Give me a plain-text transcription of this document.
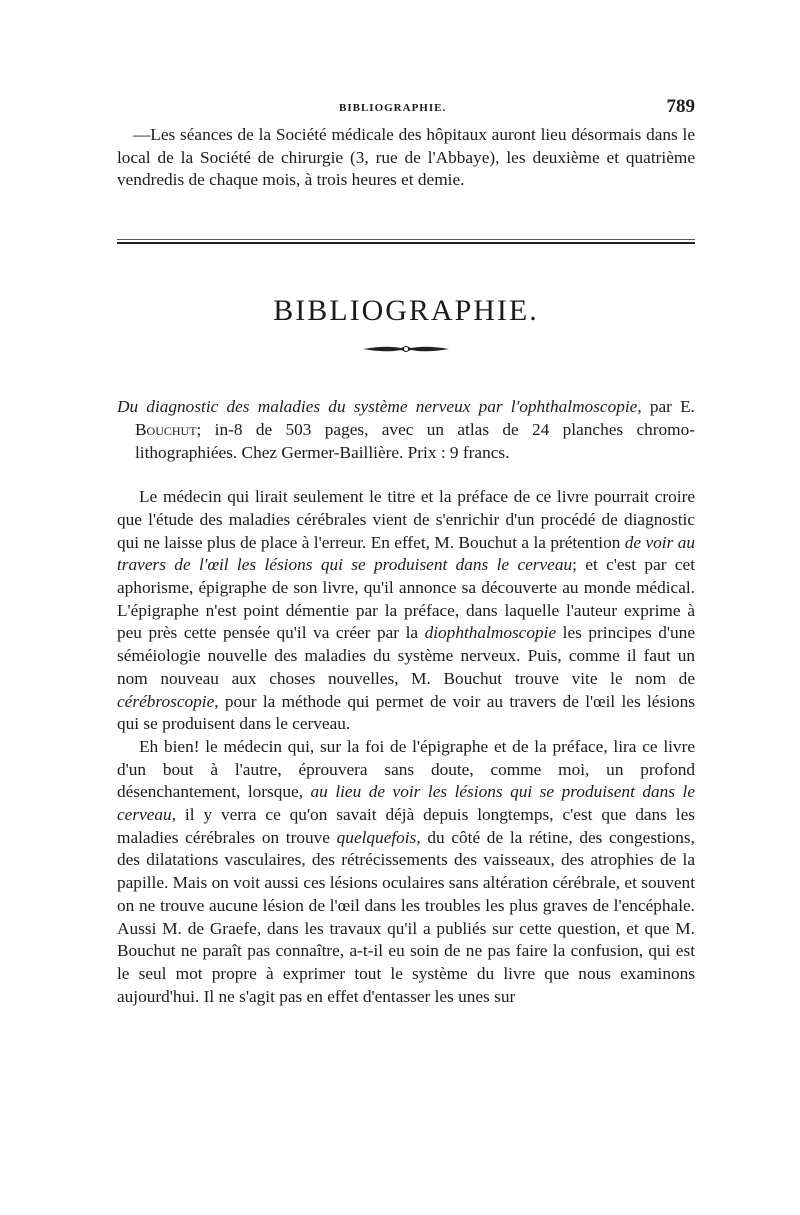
BIBLIOGRAPHIE.	789

—Les séances de la Société médicale des hôpitaux auront lieu désormais dans le local de la Société de chirurgie (3, rue de l'Abbaye), les deuxième et quatrième vendredis de chaque mois, à trois heures et demie.

BIBLIOGRAPHIE.

Du diagnostic des maladies du système nerveux par l'ophthalmoscopie, par E. Bouchut; in-8 de 503 pages, avec un atlas de 24 planches chromo-lithographiées. Chez Germer-Baillière. Prix : 9 francs.

Le médecin qui lirait seulement le titre et la préface de ce livre pourrait croire que l'étude des maladies cérébrales vient de s'enrichir d'un procédé de diagnostic qui ne laisse plus de place à l'erreur. En effet, M. Bouchut a la prétention de voir au travers de l'œil les lésions qui se produisent dans le cerveau; et c'est par cet aphorisme, épigraphe de son livre, qu'il annonce sa découverte au monde médical. L'épigraphe n'est point démentie par la préface, dans laquelle l'auteur exprime à peu près cette pensée qu'il va créer par la diophthalmoscopie les principes d'une séméiologie nouvelle des maladies du système nerveux. Puis, comme il faut un nom nouveau aux choses nouvelles, M. Bouchut trouve vite le nom de cérébroscopie, pour la méthode qui permet de voir au travers de l'œil les lésions qui se produisent dans le cerveau.

Eh bien! le médecin qui, sur la foi de l'épigraphe et de la préface, lira ce livre d'un bout à l'autre, éprouvera sans doute, comme moi, un profond désenchantement, lorsque, au lieu de voir les lésions qui se produisent dans le cerveau, il y verra ce qu'on savait déjà depuis longtemps, c'est que dans les maladies cérébrales on trouve quelquefois, du côté de la rétine, des congestions, des dilatations vasculaires, des rétrécissements des vaisseaux, des atrophies de la papille. Mais on voit aussi ces lésions oculaires sans altération cérébrale, et souvent on ne trouve aucune lésion de l'œil dans les troubles les plus graves de l'encéphale. Aussi M. de Graefe, dans les travaux qu'il a publiés sur cette question, et que M. Bouchut ne paraît pas connaître, a-t-il eu soin de ne pas faire la confusion, qui est le seul mot propre à exprimer tout le système du livre que nous examinons aujourd'hui. Il ne s'agit pas en effet d'entasser les unes sur
